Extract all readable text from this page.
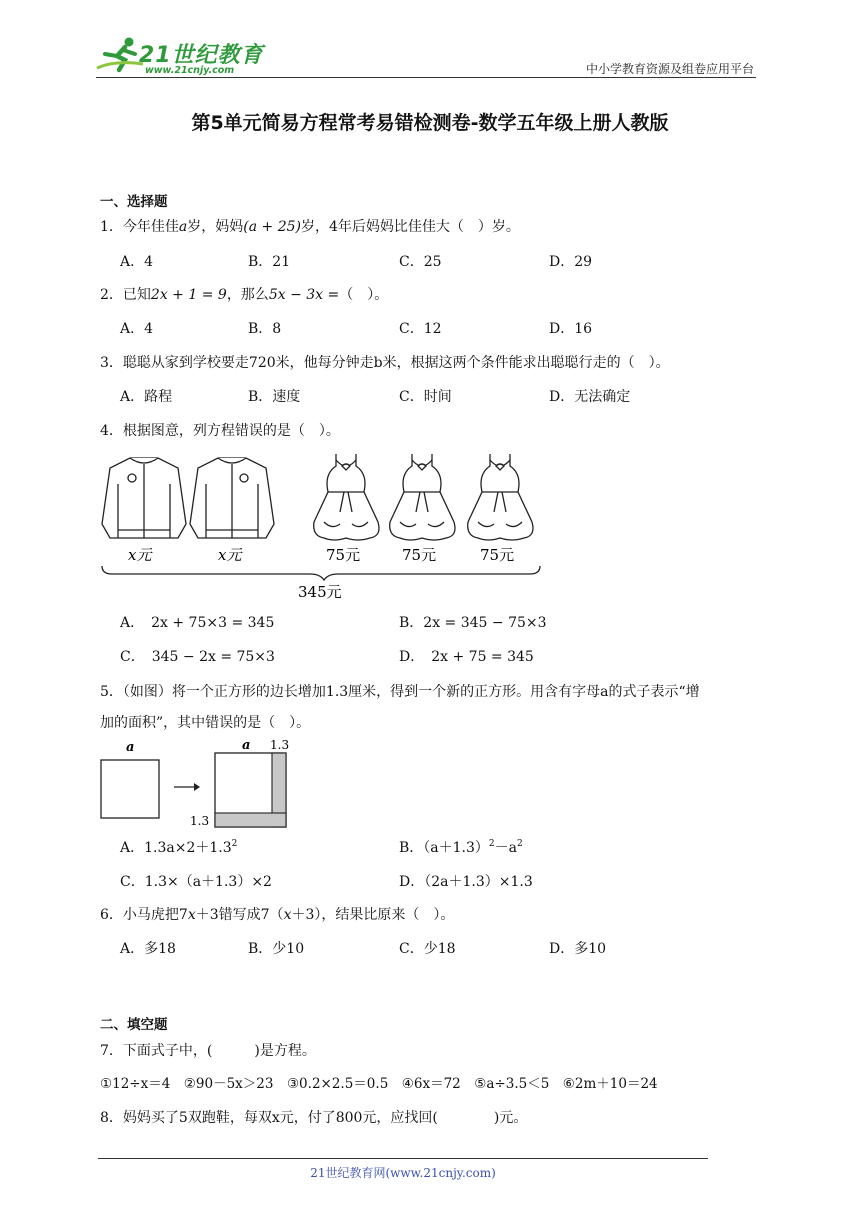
21世纪教育
www.21cnjy.com	中小学教育资源及组卷应用平台
第5单元简易方程常考易错检测卷-数学五年级上册人教版
一、选择题
1．今年佳佳a岁，妈妈(a + 25)岁，4年后妈妈比佳佳大（　）岁。
A．4	B．21	C．25	D．29
2．已知2x + 1 = 9，那么5x − 3x =（　）。
A．4	B．8	C．12	D．16
3．聪聪从家到学校要走720米，他每分钟走b米，根据这两个条件能求出聪聪行走的（　）。
A．路程	B．速度	C．时间	D．无法确定
4．根据图意，列方程错误的是（　）。
x元	x元	75元	75元	75元
345元
A．　2x + 75×3 = 345	B．2x = 345 − 75×3
C．　345 − 2x = 75×3	D．　2x + 75 = 345
5．（如图）将一个正方形的边长增加1.3厘米，得到一个新的正方形。用含有字母a的式子表示“增
加的面积”，其中错误的是（　）。
a	a 1.3
1.3
A．$1.3a\times 2+1.3^2$	B．$(a+1.3)^2-a^2$
C．1.3×（a＋1.3）×2	D．（2a＋1.3）×1.3
6．小马虎把7x＋3错写成7（x＋3），结果比原来（　）。
A．多18	B．少10	C．少18	D．多10
二、填空题
7．下面式子中，(　　　)是方程。
①12÷x＝4　②90－5x＞23　③0.2×2.5＝0.5　④6x＝72　⑤a÷3.5＜5　⑥2m＋10＝24
8．妈妈买了5双跑鞋，每双x元，付了800元，应找回(　　　　)元。
21世纪教育网(www.21cnjy.com)
